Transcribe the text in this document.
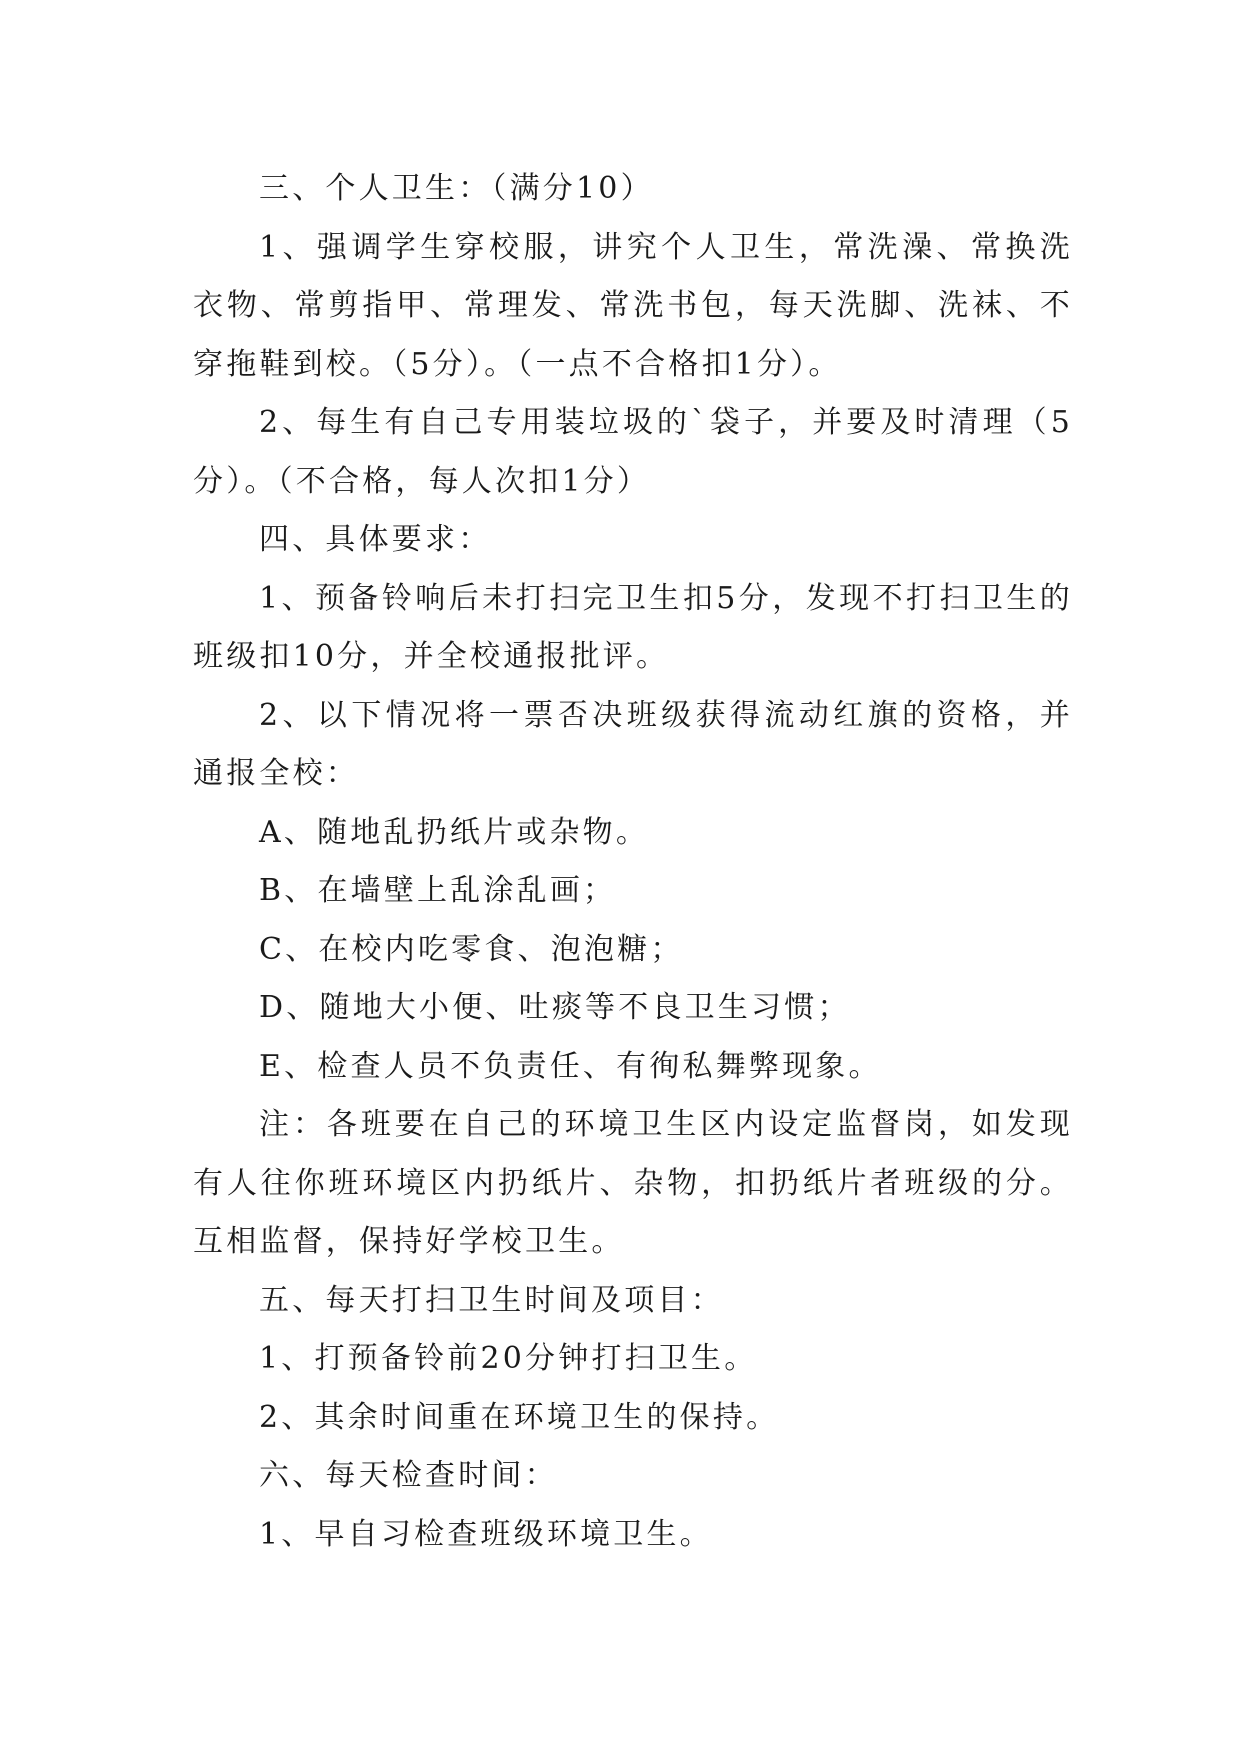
三、个人卫生：（满分10）

1、强调学生穿校服，讲究个人卫生，常洗澡、常换洗衣物、常剪指甲、常理发、常洗书包，每天洗脚、洗袜、不穿拖鞋到校。（5分）。（一点不合格扣1分）。

2、每生有自己专用装垃圾的`袋子，并要及时清理（5分）。（不合格，每人次扣1分）

四、具体要求：

1、预备铃响后未打扫完卫生扣5分，发现不打扫卫生的班级扣10分，并全校通报批评。

2、以下情况将一票否决班级获得流动红旗的资格，并通报全校：

A、随地乱扔纸片或杂物。

B、在墙壁上乱涂乱画；

C、在校内吃零食、泡泡糖；

D、随地大小便、吐痰等不良卫生习惯；

E、检查人员不负责任、有徇私舞弊现象。

注：各班要在自己的环境卫生区内设定监督岗，如发现有人往你班环境区内扔纸片、杂物，扣扔纸片者班级的分。互相监督，保持好学校卫生。

五、每天打扫卫生时间及项目：

1、打预备铃前20分钟打扫卫生。

2、其余时间重在环境卫生的保持。

六、每天检查时间：

1、早自习检查班级环境卫生。
